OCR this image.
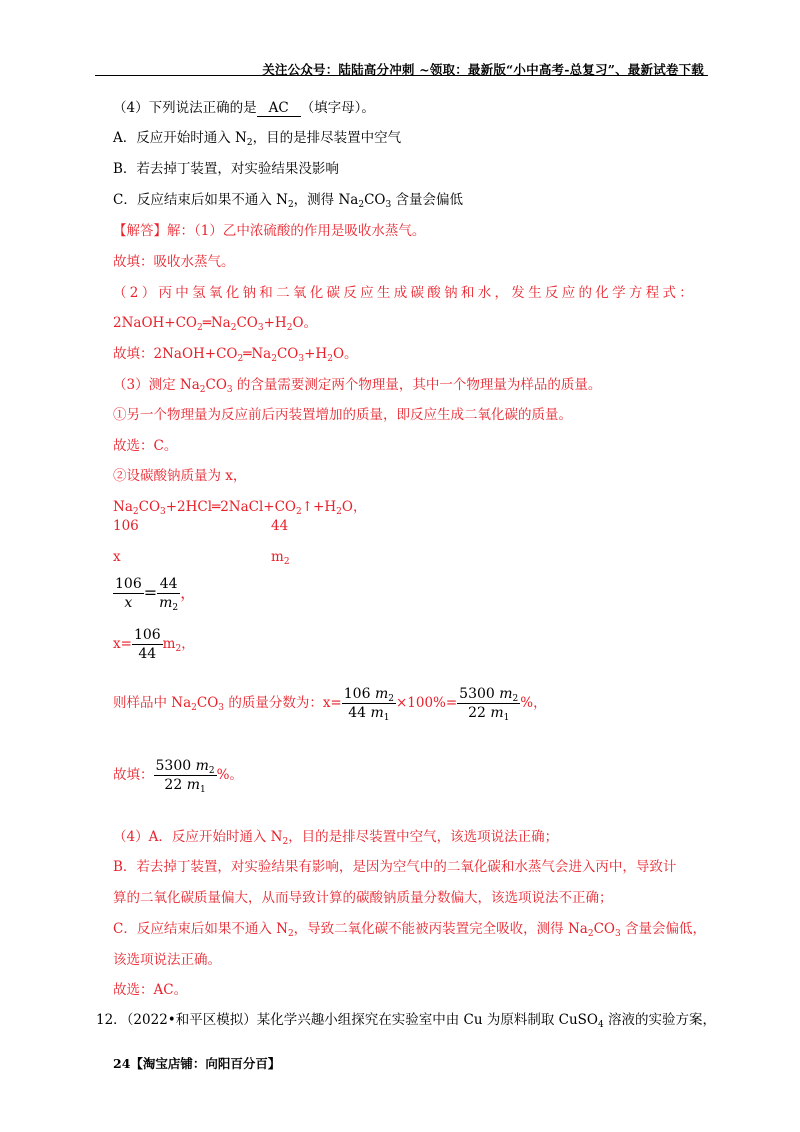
关注公众号：陆陆高分冲刺 ~领取：最新版“小中高考-总复习”、最新试卷下载
（4）下列说法正确的是 AC （填字母）。
A．反应开始时通入 $N_2$，目的是排尽装置中空气
B．若去掉丁装置，对实验结果没影响
C．反应结束后如果不通入 $N_2$，测得 $Na_2CO_3$ 含量会偏低
【解答】解：（1）乙中浓硫酸的作用是吸收水蒸气。
故填：吸收水蒸气。
（2）丙中氢氧化钠和二氧化碳反应生成碳酸钠和水，发生反应的化学方程式：
$2NaOH+CO_2═Na_2CO_3+H_2O$。
故填：$2NaOH+CO_2═Na_2CO_3+H_2O$。
（3）测定 $Na_2CO_3$ 的含量需要测定两个物理量，其中一个物理量为样品的质量。
①另一个物理量为反应前后丙装置增加的质量，即反应生成二氧化碳的质量。
故选：C。
②设碳酸钠质量为 x，
$Na_2CO_3+2HCl═2NaCl+CO_2↑+H_2O$，
106	44
x	$m_2$
$\frac{106}{x} = \frac{44}{m_2}$ ，
$x= \frac{106}{44} m_2$，
则样品中 $Na_2CO_3$ 的质量分数为：$x= \frac{106 m_2}{44 m_1} \times 100\%= \frac{5300 m_2}{22 m_1}$ %，
故填： $\frac{5300 m_2}{22 m_1}$ %。
（4）A．反应开始时通入 $N_2$，目的是排尽装置中空气，该选项说法正确；
B．若去掉丁装置，对实验结果有影响，是因为空气中的二氧化碳和水蒸气会进入丙中，导致计
算的二氧化碳质量偏大，从而导致计算的碳酸钠质量分数偏大，该选项说法不正确；
C．反应结束后如果不通入 $N_2$，导致二氧化碳不能被丙装置完全吸收，测得 $Na_2CO_3$ 含量会偏低，
该选项说法正确。
故选：AC。
12．（2022•和平区模拟）某化学兴趣小组探究在实验室中由 Cu 为原料制取 CuSO$_4$ 溶液的实验方案，
24【淘宝店铺：向阳百分百】
